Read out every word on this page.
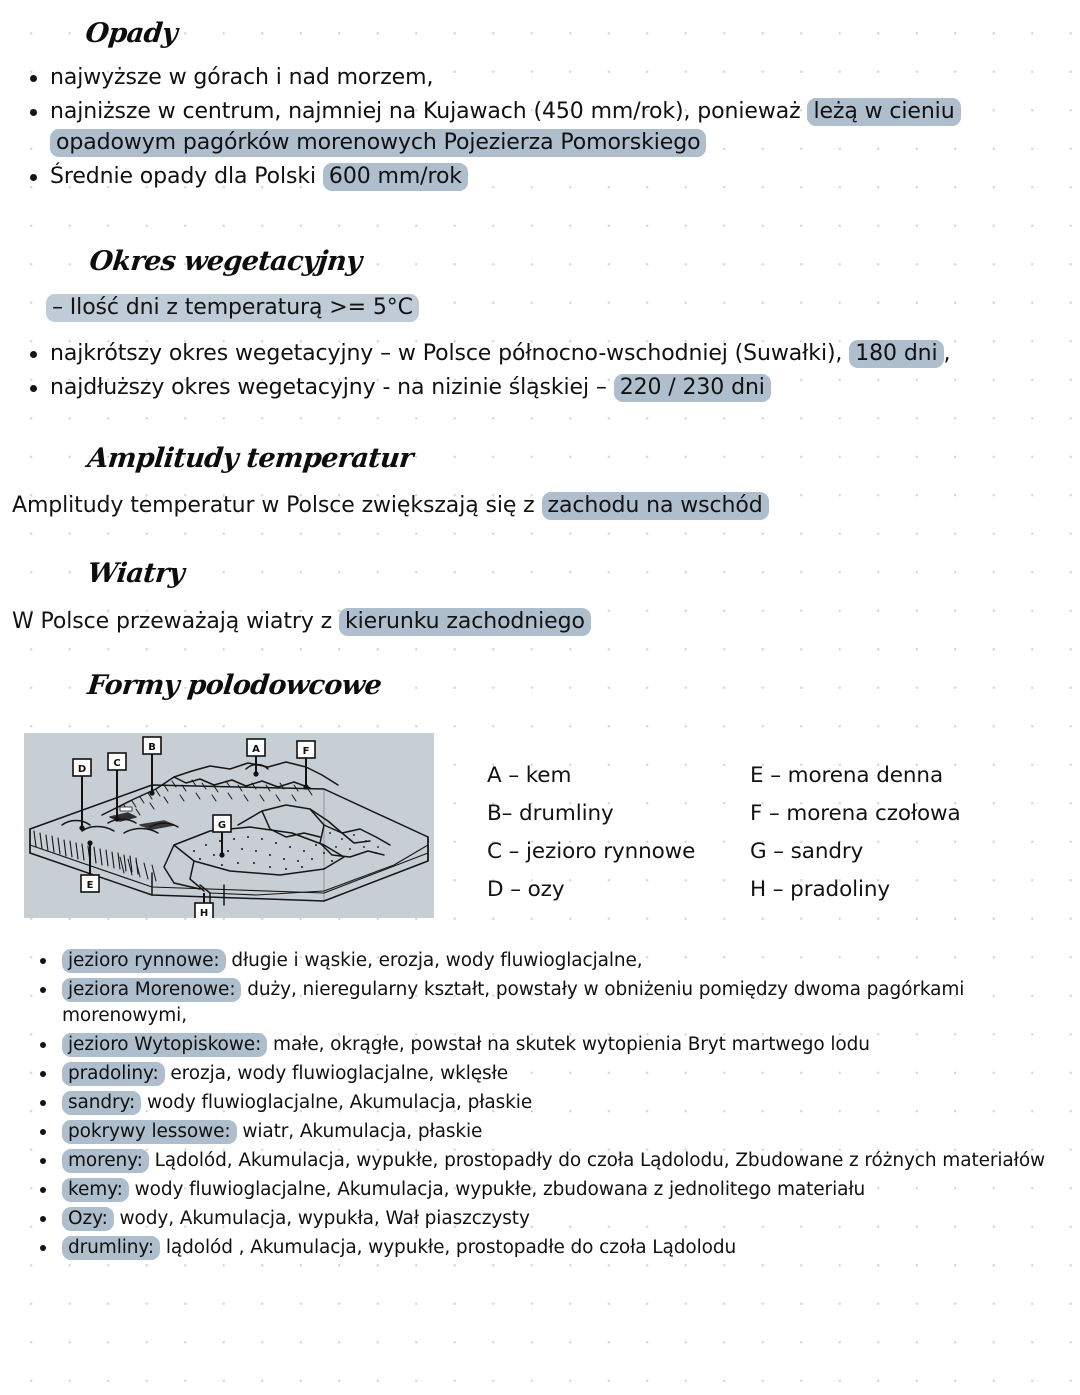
Opady
najwyższe w górach i nad morzem,
najniższe w centrum, najmniej na Kujawach (450 mm/rok), ponieważ leżą w cieniu opadowym pagórków morenowych Pojezierza Pomorskiego
Średnie opady dla Polski 600 mm/rok
Okres wegetacyjny
– Ilość dni z temperaturą >= 5°C
najkrótszy okres wegetacyjny – w Polsce północno-wschodniej (Suwałki), 180 dni ,
najdłuższy okres wegetacyjny - na nizinie śląskiej – 220 / 230 dni
Amplitudy temperatur

Amplitudy temperatur w Polsce zwiększają się z zachodu na wschód

Wiatry

W Polsce przeważają wiatry z kierunku zachodniego

Formy polodowcowe
D
C
B	A	F
E
G
H
A – kem
B– drumliny
C – jezioro rynnowe
D – ozy
E – morena denna
F – morena czołowa
G – sandry
H – pradoliny
jezioro rynnowe: długie i wąskie, erozja, wody fluwioglacjalne,
jeziora Morenowe: duży, nieregularny kształt, powstały w obniżeniu pomiędzy dwoma pagórkami morenowymi,
jezioro Wytopiskowe: małe, okrągłe, powstał na skutek wytopienia Bryt martwego lodu
pradoliny: erozja, wody fluwioglacjalne, wklęsłe
sandry: wody fluwioglacjalne, Akumulacja, płaskie
pokrywy lessowe: wiatr, Akumulacja, płaskie
moreny: Lądolód, Akumulacja, wypukłe, prostopadły do czoła Lądolodu, Zbudowane z różnych materiałów
kemy: wody fluwioglacjalne, Akumulacja, wypukłe, zbudowana z jednolitego materiału
Ozy: wody, Akumulacja, wypukła, Wał piaszczysty
drumliny: lądolód , Akumulacja, wypukłe, prostopadłe do czoła Lądolodu
